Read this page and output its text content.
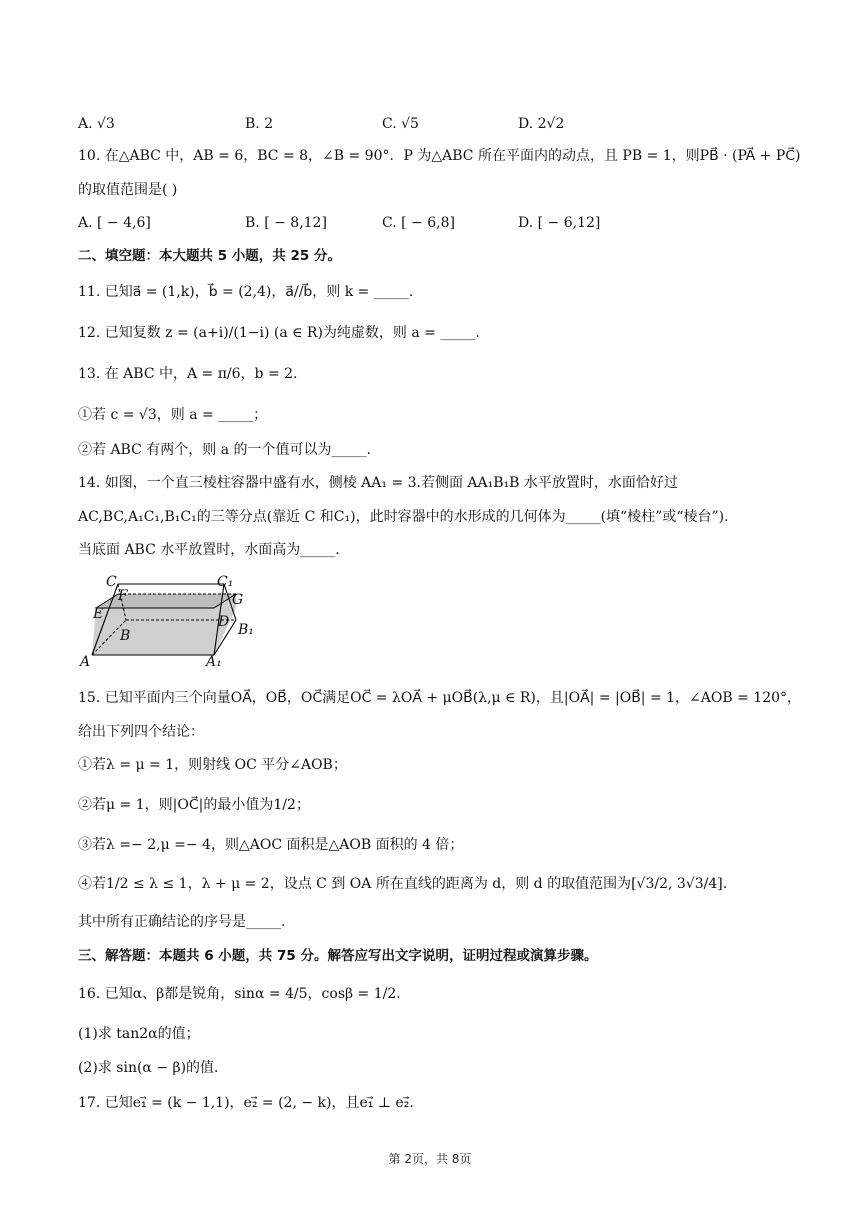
A. √3	B. 2	C. √5	D. 2√2
10. 在△ABC 中，AB = 6，BC = 8，∠B = 90°．P 为△ABC 所在平面内的动点，且 PB = 1，则PB⃗ · (PA⃗ + PC⃗)
的取值范围是( )
A. [ − 4,6]	B. [ − 8,12]	C. [ − 6,8]	D. [ − 6,12]
二、填空题：本大题共 5 小题，共 25 分。
11. 已知a⃗ = (1,k)，b⃗ = (2,4)，a⃗//b⃗，则 k = _____.
12. 已知复数 z = (a+i)/(1−i) (a ∈ R)为纯虚数，则 a = _____.
13. 在 ABC 中，A = π/6，b = 2.
①若 c = √3，则 a = _____；
②若 ABC 有两个，则 a 的一个值可以为_____.
14. 如图，一个直三棱柱容器中盛有水，侧棱 AA₁ = 3.若侧面 AA₁B₁B 水平放置时，水面恰好过
AC,BC,A₁C₁,B₁C₁的三等分点(靠近 C 和C₁)，此时容器中的水形成的几何体为_____(填“棱柱”或“棱台”).
当底面 ABC 水平放置时，水面高为_____.
C	C₁
F	G
E	D
B	B₁
A	A₁
15. 已知平面内三个向量OA⃗，OB⃗，OC⃗满足OC⃗ = λOA⃗ + μOB⃗(λ,μ ∈ R)，且|OA⃗| = |OB⃗| = 1，∠AOB = 120°，
给出下列四个结论：
①若λ = μ = 1，则射线 OC 平分∠AOB；
②若μ = 1，则|OC⃗|的最小值为1/2；
③若λ =− 2,μ =− 4，则△AOC 面积是△AOB 面积的 4 倍；
④若1/2 ≤ λ ≤ 1，λ + μ = 2，设点 C 到 OA 所在直线的距离为 d，则 d 的取值范围为[√3/2, 3√3/4].
其中所有正确结论的序号是_____.
三、解答题：本题共 6 小题，共 75 分。解答应写出文字说明，证明过程或演算步骤。
16. 已知α、β都是锐角，sinα = 4/5，cosβ = 1/2.
(1)求 tan2α的值；
(2)求 sin(α − β)的值.
17. 已知e₁⃗ = (k − 1,1)，e₂⃗ = (2, − k)，且e₁⃗ ⊥ e₂⃗.
第 2页，共 8页
